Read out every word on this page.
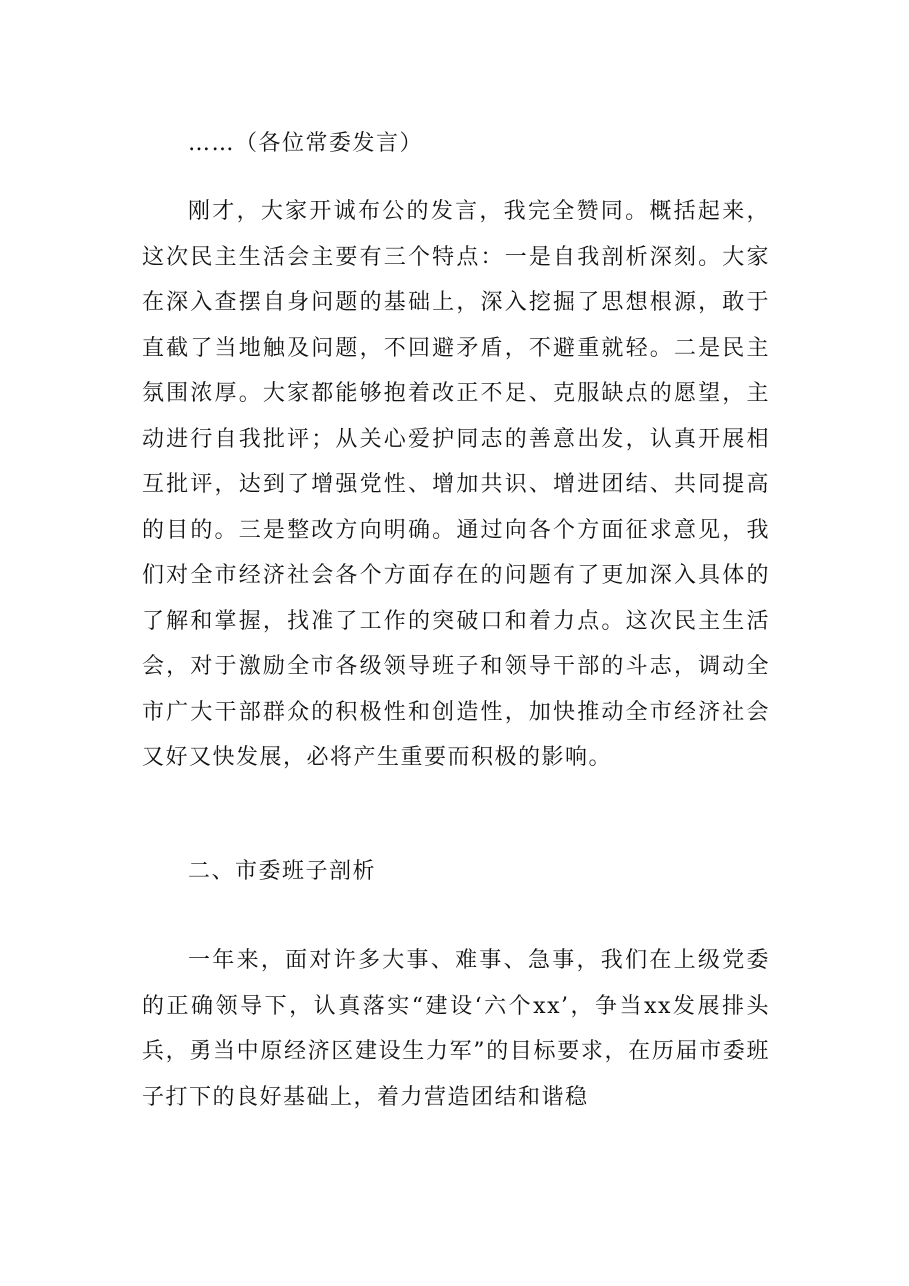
……（各位常委发言）

刚才，大家开诚布公的发言，我完全赞同。概括起来，这次民主生活会主要有三个特点：一是自我剖析深刻。大家在深入查摆自身问题的基础上，深入挖掘了思想根源，敢于直截了当地触及问题，不回避矛盾，不避重就轻。二是民主氛围浓厚。大家都能够抱着改正不足、克服缺点的愿望，主动进行自我批评；从关心爱护同志的善意出发，认真开展相互批评，达到了增强党性、增加共识、增进团结、共同提高的目的。三是整改方向明确。通过向各个方面征求意见，我们对全市经济社会各个方面存在的问题有了更加深入具体的了解和掌握，找准了工作的突破口和着力点。这次民主生活会，对于激励全市各级领导班子和领导干部的斗志，调动全市广大干部群众的积极性和创造性，加快推动全市经济社会又好又快发展，必将产生重要而积极的影响。

二、市委班子剖析

一年来，面对许多大事、难事、急事，我们在上级党委的正确领导下，认真落实“建设‘六个xx’，争当xx发展排头兵，勇当中原经济区建设生力军”的目标要求，在历届市委班子打下的良好基础上，着力营造团结和谐稳
